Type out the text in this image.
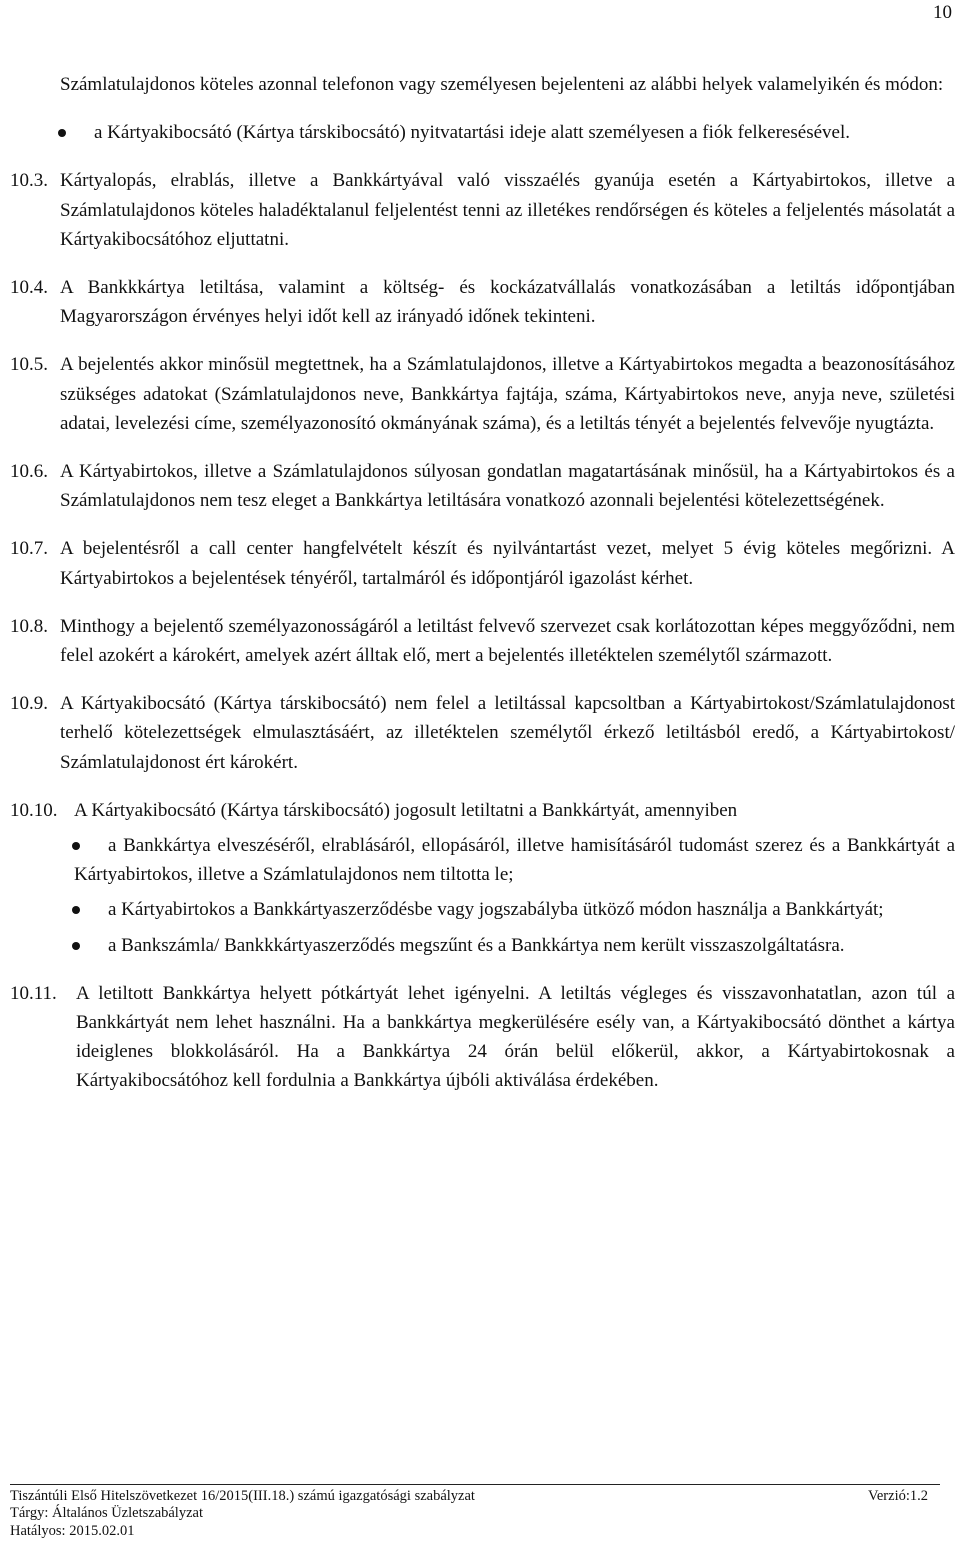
10

Számlatulajdonos köteles azonnal telefonon vagy személyesen bejelenteni az alábbi helyek valamelyikén és módon:

a Kártyakibocsátó (Kártya társkibocsátó) nyitvatartási ideje alatt személyesen a fiók felkeresésével.

10.3. Kártyalopás, elrablás, illetve a Bankkártyával való visszaélés gyanúja esetén a Kártyabirtokos, illetve a Számlatulajdonos köteles haladéktalanul feljelentést tenni az illetékes rendőrségen és köteles a feljelentés másolatát a Kártyakibocsátóhoz eljuttatni.

10.4. A Bankkkártya letiltása, valamint a költség- és kockázatvállalás vonatkozásában a letiltás időpontjában Magyarországon érvényes helyi időt kell az irányadó időnek tekinteni.

10.5. A bejelentés akkor minősül megtettnek, ha a Számlatulajdonos, illetve a Kártyabirtokos megadta a beazonosításához szükséges adatokat (Számlatulajdonos neve, Bankkártya fajtája, száma, Kártyabirtokos neve, anyja neve, születési adatai, levelezési címe, személyazonosító okmányának száma), és a letiltás tényét a bejelentés felvevője nyugtázta.

10.6. A Kártyabirtokos, illetve a Számlatulajdonos súlyosan gondatlan magatartásának minősül, ha a Kártyabirtokos és a Számlatulajdonos nem tesz eleget a Bankkártya letiltására vonatkozó azonnali bejelentési kötelezettségének.

10.7. A bejelentésről a call center hangfelvételt készít és nyilvántartást vezet, melyet 5 évig köteles megőrizni. A Kártyabirtokos a bejelentések tényéről, tartalmáról és időpontjáról igazolást kérhet.

10.8. Minthogy a bejelentő személyazonosságáról a letiltást felvevő szervezet csak korlátozottan képes meggyőződni, nem felel azokért a károkért, amelyek azért álltak elő, mert a bejelentés illetéktelen személytől származott.

10.9. A Kártyakibocsátó (Kártya társkibocsátó) nem felel a letiltással kapcsoltban a Kártyabirtokost/Számlatulajdonost terhelő kötelezettségek elmulasztásáért, az illetéktelen személytől érkező letiltásból eredő, a Kártyabirtokost/ Számlatulajdonost ért károkért.

10.10. A Kártyakibocsátó (Kártya társkibocsátó) jogosult letiltatni a Bankkártyát, amennyiben
a Bankkártya elveszéséről, elrablásáról, ellopásáról, illetve hamisításáról tudomást szerez és a Bankkártyát a Kártyabirtokos, illetve a Számlatulajdonos nem tiltotta le;
a Kártyabirtokos a Bankkártyaszerződésbe vagy jogszabályba ütköző módon használja a Bankkártyát;
a Bankszámla/ Bankkkártyaszerződés megszűnt és a Bankkártya nem került visszaszolgáltatásra.
10.11. A letiltott Bankkártya helyett pótkártyát lehet igényelni. A letiltás végleges és visszavonhatatlan, azon túl a Bankkártyát nem lehet használni. Ha a bankkártya megkerülésére esély van, a Kártyakibocsátó dönthet a kártya ideiglenes blokkolásáról. Ha a Bankkártya 24 órán belül előkerül, akkor, a Kártyabirtokosnak a Kártyakibocsátóhoz kell fordulnia a Bankkártya újbóli aktiválása érdekében.
Tiszántúli Első Hitelszövetkezet 16/2015(III.18.) számú igazgatósági szabályzat	Verzió:1.2
Tárgy: Általános Üzletszabályzat
Hatályos: 2015.02.01
